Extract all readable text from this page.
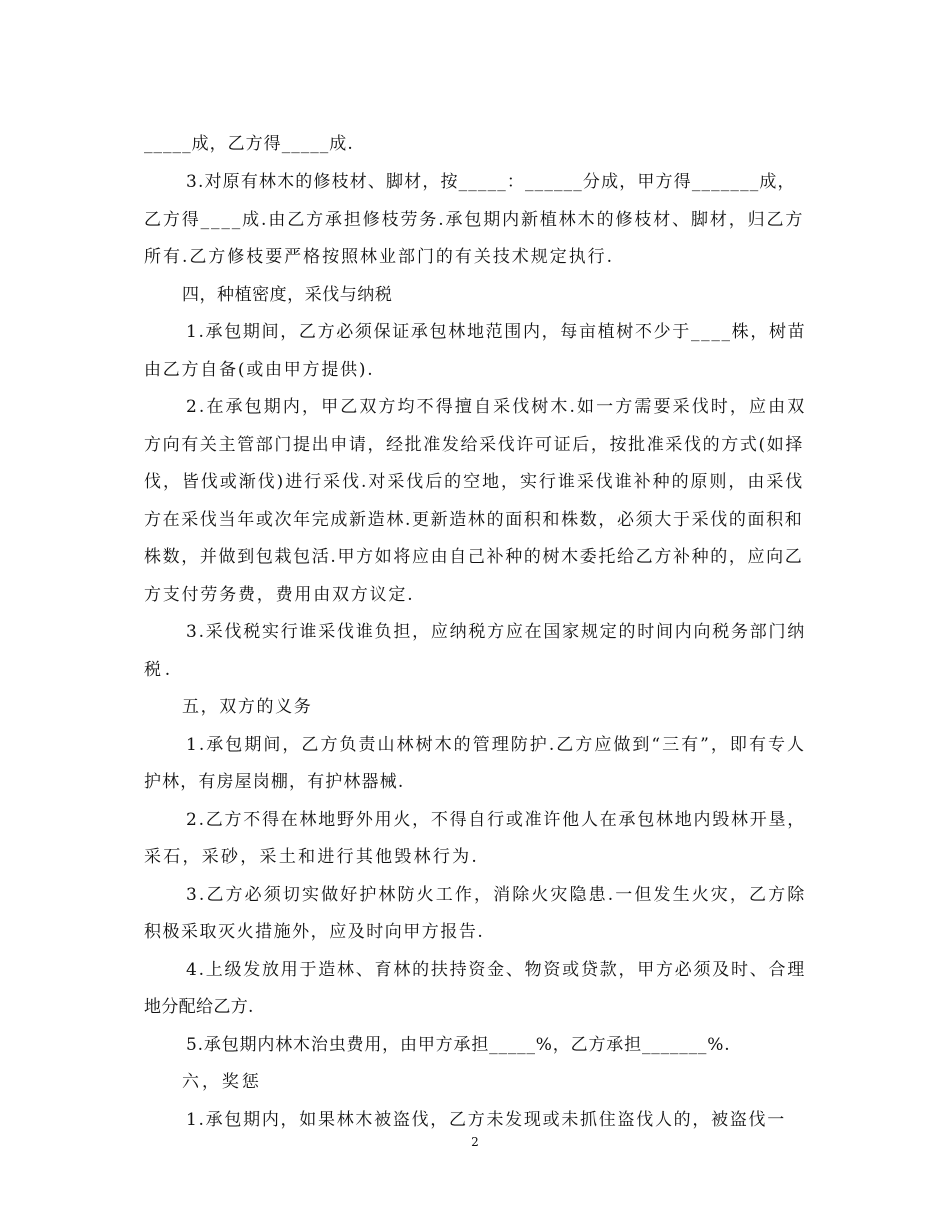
_____成，乙方得_____成.
3.对原有林木的修枝材、脚材，按_____：______分成，甲方得_______成，
乙方得____成.由乙方承担修枝劳务.承包期内新植林木的修枝材、脚材，归乙方
所有.乙方修枝要严格按照林业部门的有关技术规定执行.
四，种植密度，采伐与纳税
1.承包期间，乙方必须保证承包林地范围内，每亩植树不少于____株，树苗
由乙方自备(或由甲方提供).
2.在承包期内，甲乙双方均不得擅自采伐树木.如一方需要采伐时，应由双
方向有关主管部门提出申请，经批准发给采伐许可证后，按批准采伐的方式(如择
伐，皆伐或渐伐)进行采伐.对采伐后的空地，实行谁采伐谁补种的原则，由采伐
方在采伐当年或次年完成新造林.更新造林的面积和株数，必须大于采伐的面积和
株数，并做到包栽包活.甲方如将应由自己补种的树木委托给乙方补种的，应向乙
方支付劳务费，费用由双方议定.
3.采伐税实行谁采伐谁负担，应纳税方应在国家规定的时间内向税务部门纳
税.
五，双方的义务
1.承包期间，乙方负责山林树木的管理防护.乙方应做到“三有”，即有专人
护林，有房屋岗棚，有护林器械.
2.乙方不得在林地野外用火，不得自行或准许他人在承包林地内毁林开垦，
采石，采砂，采土和进行其他毁林行为.
3.乙方必须切实做好护林防火工作，消除火灾隐患.一但发生火灾，乙方除
积极采取灭火措施外，应及时向甲方报告.
4.上级发放用于造林、育林的扶持资金、物资或贷款，甲方必须及时、合理
地分配给乙方.
5.承包期内林木治虫费用，由甲方承担_____%，乙方承担_______%.
六，奖惩
1.承包期内，如果林木被盗伐，乙方未发现或未抓住盗伐人的，被盗伐一
2
